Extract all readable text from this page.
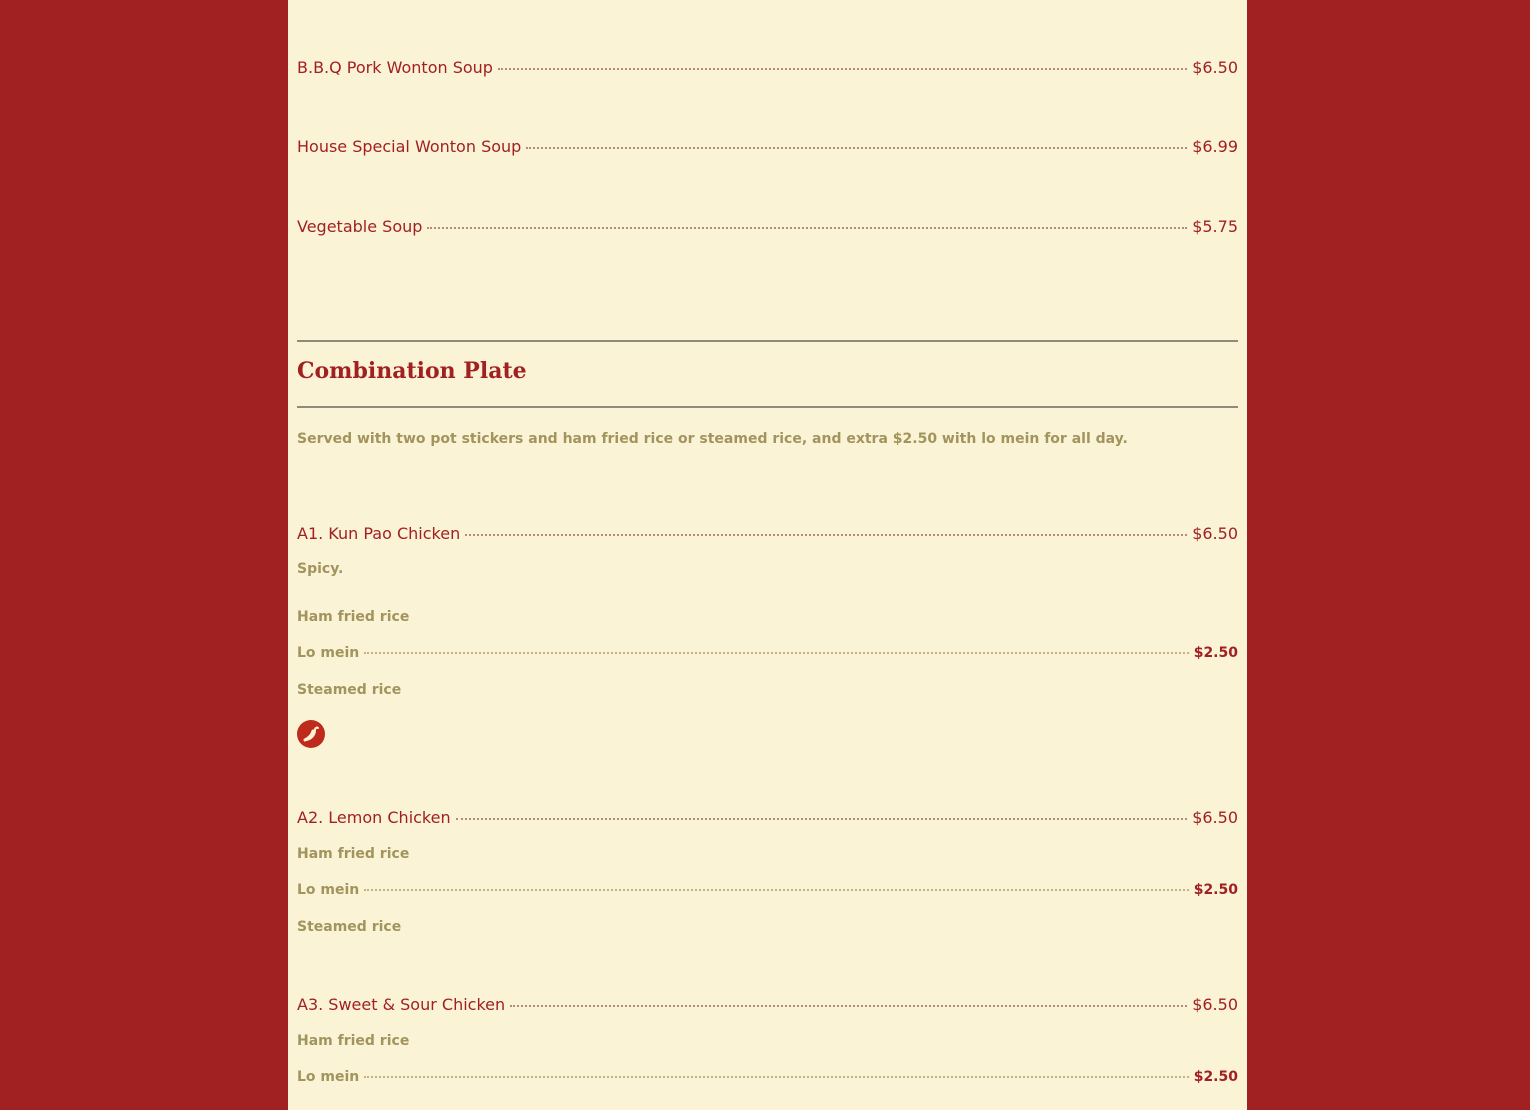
B.B.Q Pork Wonton Soup	$6.50
House Special Wonton Soup	$6.99
Vegetable Soup	$5.75
Combination Plate
Served with two pot stickers and ham fried rice or steamed rice, and extra $2.50 with lo mein for all day.
A1. Kun Pao Chicken	$6.50
Spicy.
Ham fried rice
Lo mein	$2.50
Steamed rice
A2. Lemon Chicken	$6.50
Ham fried rice
Lo mein	$2.50
Steamed rice
A3. Sweet & Sour Chicken	$6.50
Ham fried rice
Lo mein	$2.50
